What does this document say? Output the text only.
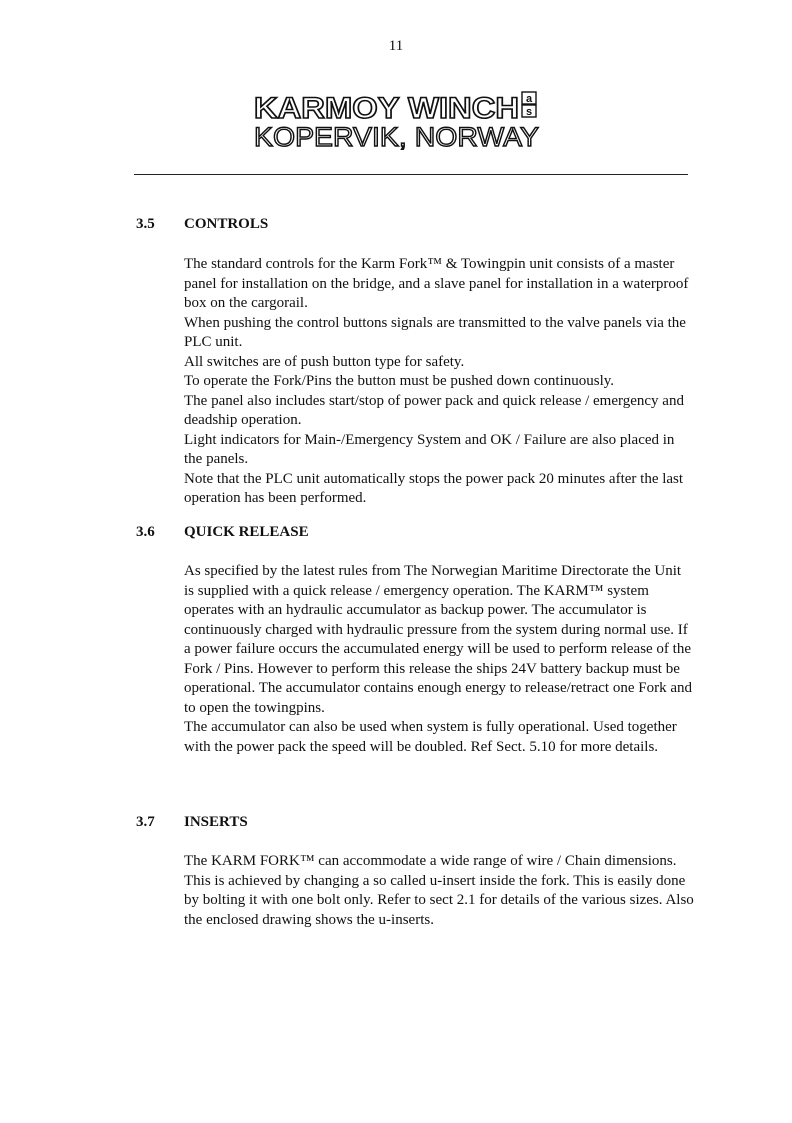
11
KARMOY WINCH a
s
KOPERVIK, NORWAY
3.5 CONTROLS

The standard controls for the Karm Fork™ & Towingpin unit consists of a master panel for installation on the bridge, and a slave panel for installation in a waterproof box on the cargorail.

When pushing the control buttons signals are transmitted to the valve panels via the PLC unit.

All switches are of push button type for safety.

To operate the Fork/Pins the button must be pushed down continuously.

The panel also includes start/stop of power pack and quick release / emergency and deadship operation.

Light indicators for Main-/Emergency System and OK / Failure are also placed in the panels.

Note that the PLC unit automatically stops the power pack 20 minutes after the last operation has been performed.

3.6 QUICK RELEASE

As specified by the latest rules from The Norwegian Maritime Directorate the Unit is supplied with a quick release / emergency operation. The KARM™ system operates with an hydraulic accumulator as backup power. The accumulator is continuously charged with hydraulic pressure from the system during normal use. If a power failure occurs the accumulated energy will be used to perform release of the Fork / Pins. However to perform this release the ships 24V battery backup must be operational. The accumulator contains enough energy to release/retract one Fork and to open the towingpins.

The accumulator can also be used when system is fully operational. Used together with the power pack the speed will be doubled. Ref Sect. 5.10 for more details.

3.7 INSERTS

The KARM FORK™ can accommodate a wide range of wire / Chain dimensions. This is achieved by changing a so called u-insert inside the fork. This is easily done by bolting it with one bolt only. Refer to sect 2.1 for details of the various sizes. Also the enclosed drawing shows the u-inserts.
